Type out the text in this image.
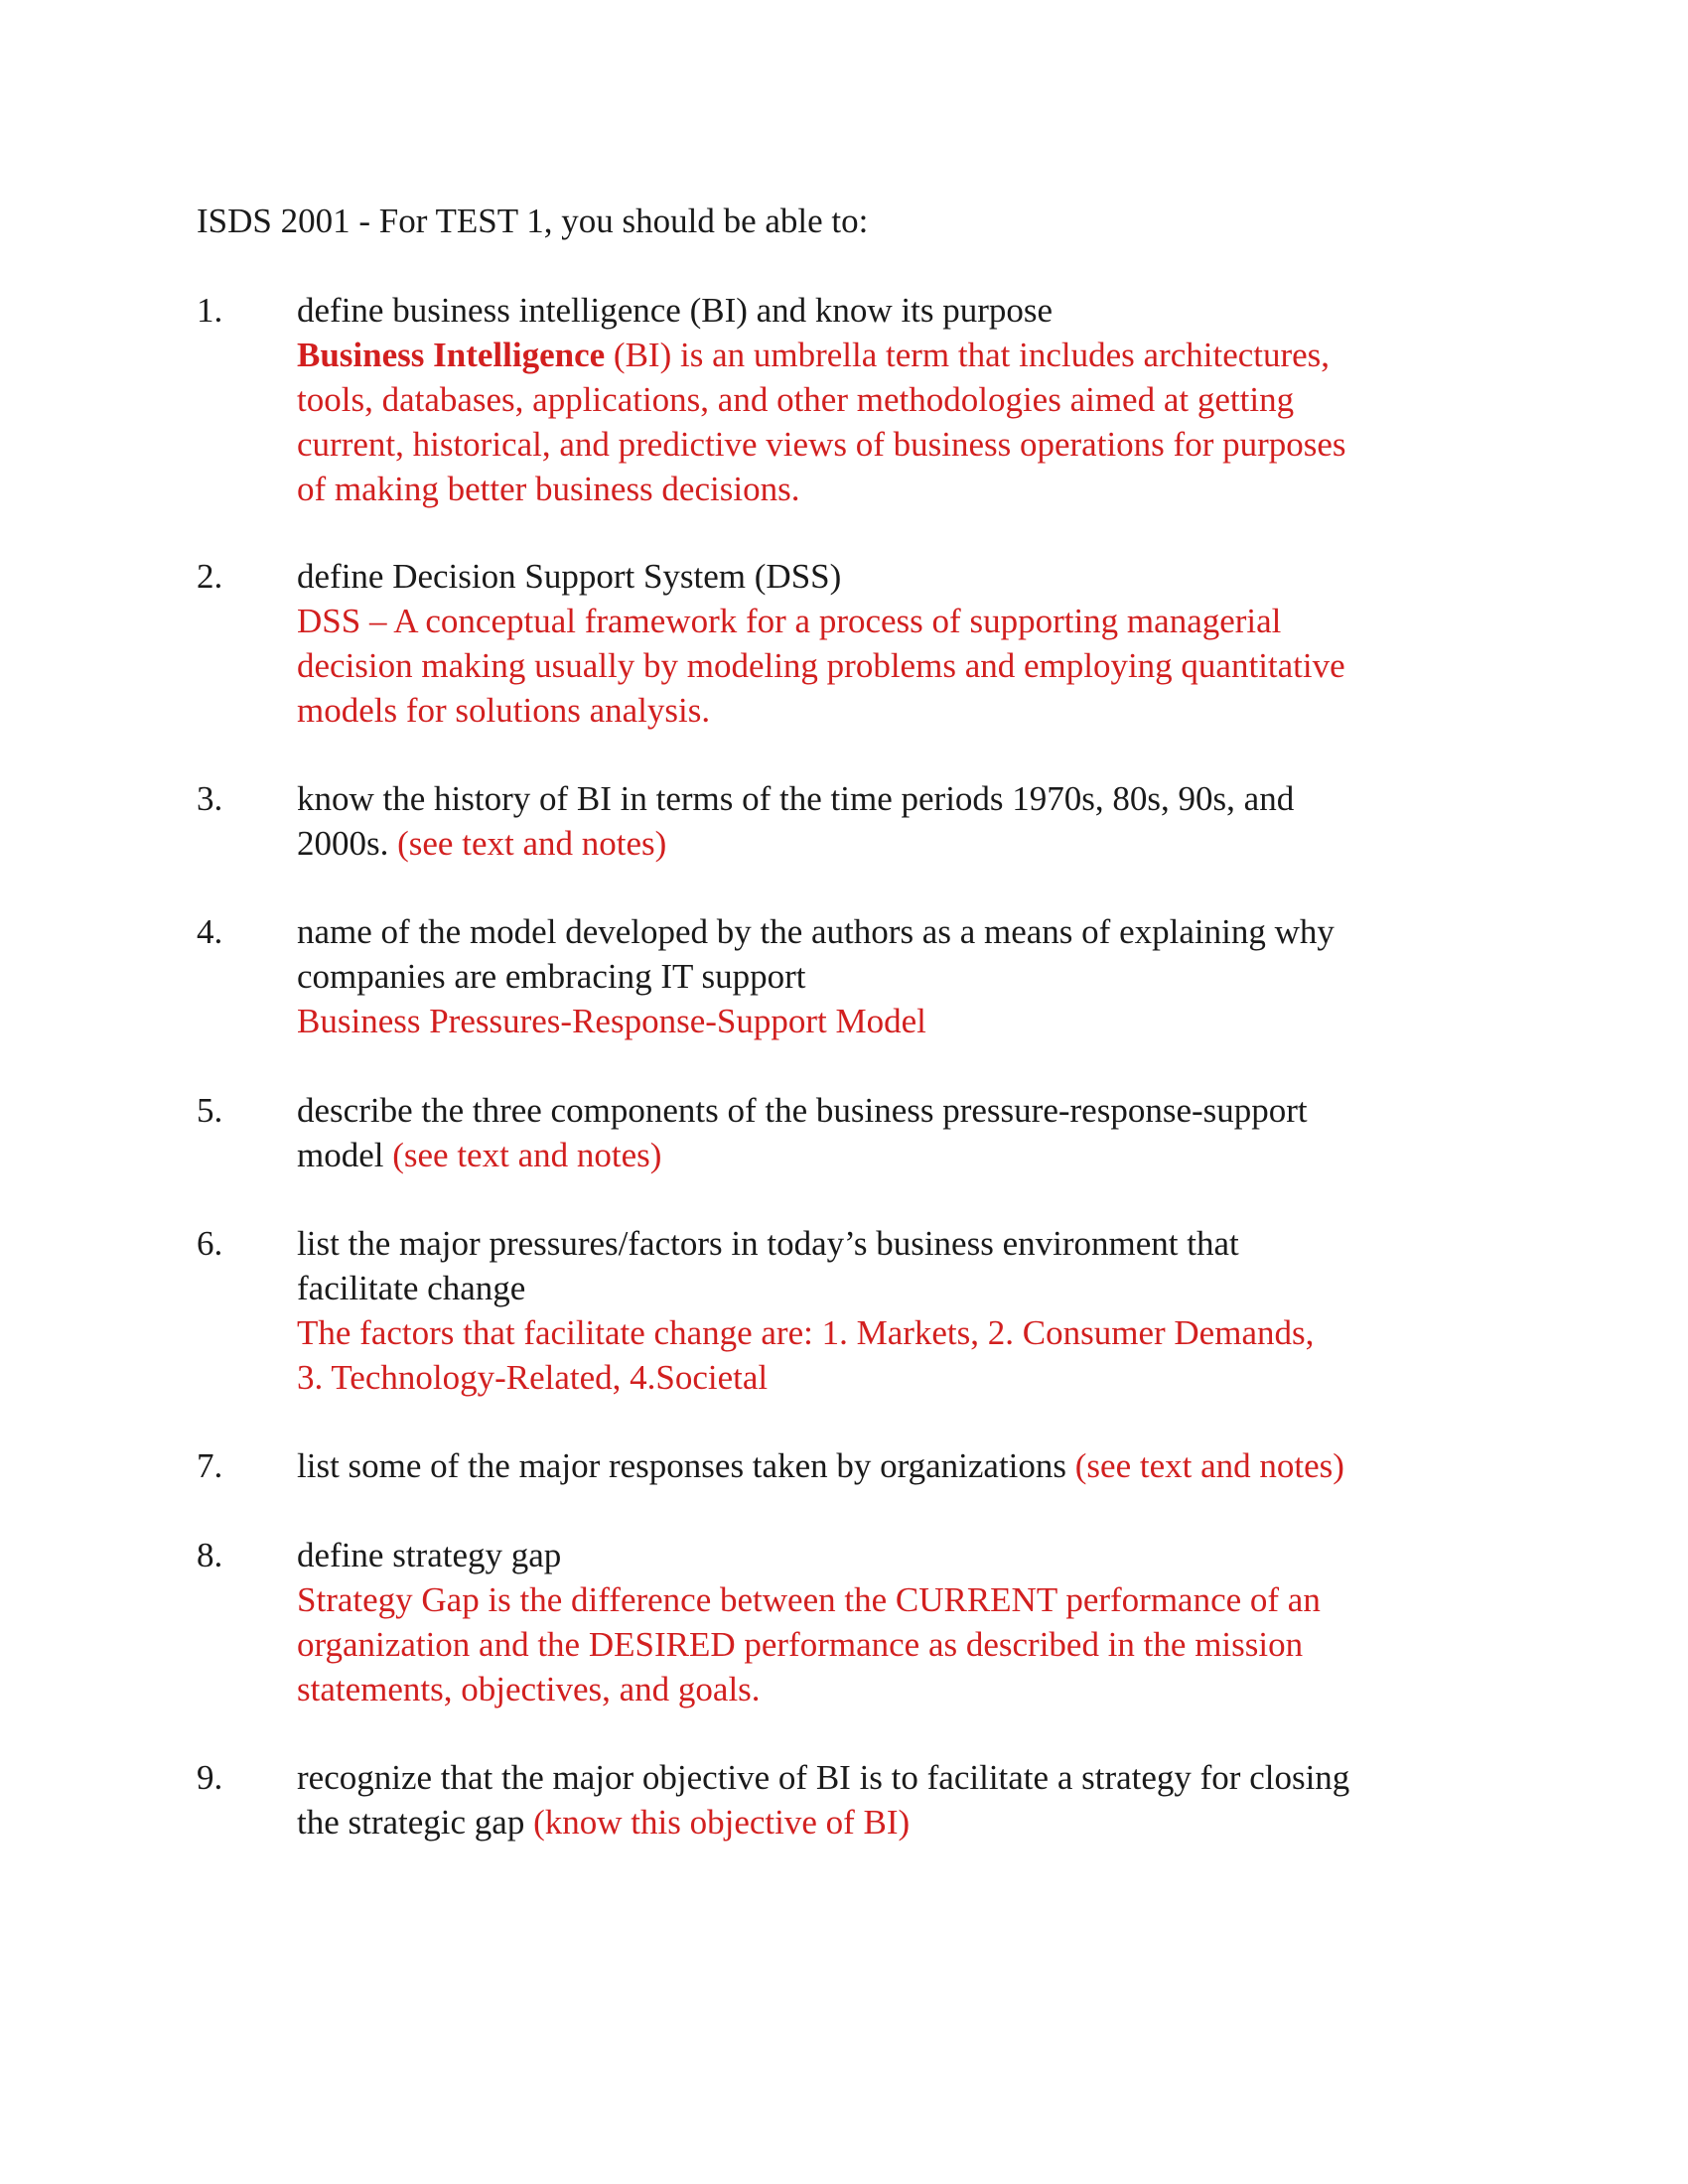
ISDS 2001 - For TEST 1, you should be able to:
1.	define business intelligence (BI) and know its purpose
Business Intelligence (BI) is an umbrella term that includes architectures,
tools, databases, applications, and other methodologies aimed at getting
current, historical, and predictive views of business operations for purposes
of making better business decisions.
2.	define Decision Support System (DSS)
DSS – A conceptual framework for a process of supporting managerial
decision making usually by modeling problems and employing quantitative
models for solutions analysis.
3.	know the history of BI in terms of the time periods 1970s, 80s, 90s, and
2000s. (see text and notes)
4.	name of the model developed by the authors as a means of explaining why
companies are embracing IT support
Business Pressures-Response-Support Model
5.	describe the three components of the business pressure-response-support
model (see text and notes)
6.	list the major pressures/factors in today’s business environment that
facilitate change
The factors that facilitate change are: 1. Markets, 2. Consumer Demands,
3. Technology-Related, 4.Societal
7.	list some of the major responses taken by organizations (see text and notes)
8.	define strategy gap
Strategy Gap is the difference between the CURRENT performance of an
organization and the DESIRED performance as described in the mission
statements, objectives, and goals.
9.	recognize that the major objective of BI is to facilitate a strategy for closing
the strategic gap (know this objective of BI)
